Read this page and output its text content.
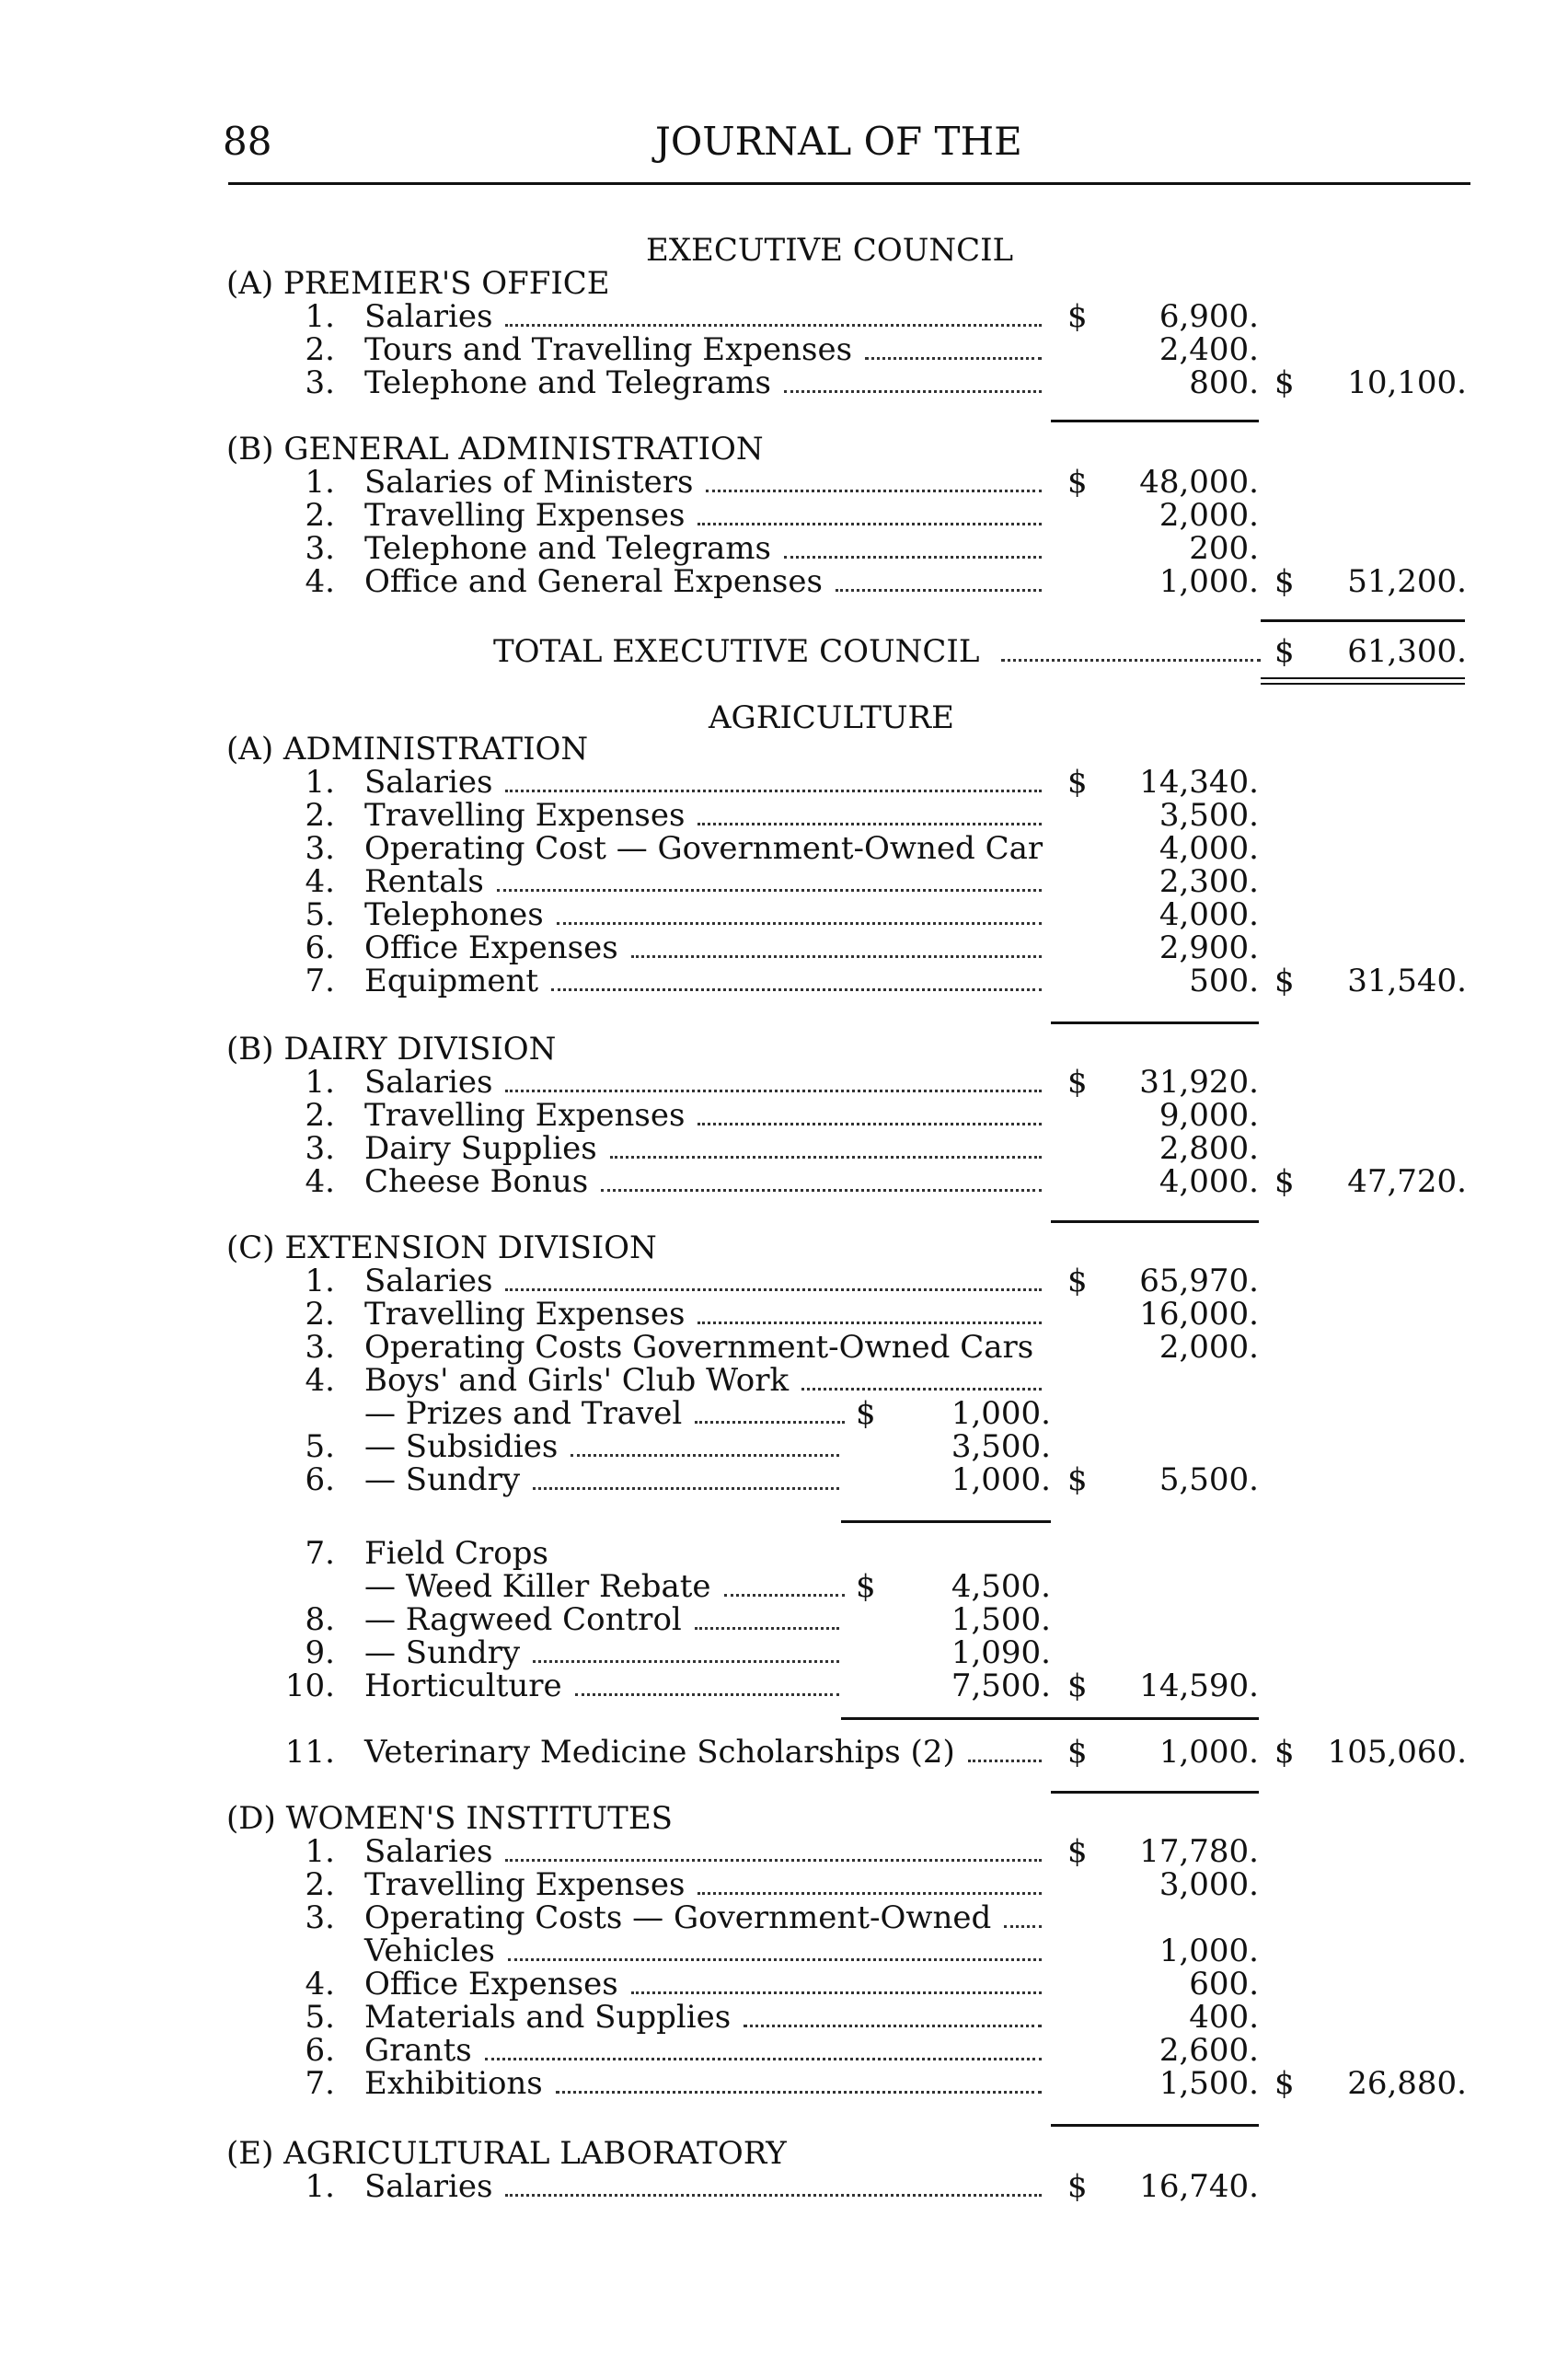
88	JOURNAL OF THE
EXECUTIVE COUNCIL
(A) PREMIER'S OFFICE
1. Salaries	$	6,900.
2. Tours and Travelling Expenses	2,400.
3. Telephone and Telegrams	800. $	10,100.
(B) GENERAL ADMINISTRATION
1. Salaries of Ministers	$	48,000.
2. Travelling Expenses	2,000.
3. Telephone and Telegrams	200.
4. Office and General Expenses	1,000. $	51,200.
TOTAL EXECUTIVE COUNCIL	$	61,300.
AGRICULTURE
(A) ADMINISTRATION
1. Salaries	$	14,340.
2. Travelling Expenses	3,500.
3. Operating Cost — Government-Owned Car	4,000.
4. Rentals	2,300.
5. Telephones	4,000.
6. Office Expenses	2,900.
7. Equipment	500. $	31,540.
(B) DAIRY DIVISION
1. Salaries	$	31,920.
2. Travelling Expenses	9,000.
3. Dairy Supplies	2,800.
4. Cheese Bonus	4,000. $	47,720.
(C) EXTENSION DIVISION
1. Salaries	$	65,970.
2. Travelling Expenses	16,000.
3. Operating Costs Government-Owned Cars	2,000.
4. Boys' and Girls' Club Work
— Prizes and Travel	$	1,000.
5. — Subsidies	3,500.
6. — Sundry	1,000. $	5,500.
7. Field Crops
— Weed Killer Rebate	$	4,500.
8. — Ragweed Control	1,500.
9. — Sundry	1,090.
10. Horticulture	7,500. $	14,590.
11. Veterinary Medicine Scholarships (2)	$	1,000. $	105,060.
(D) WOMEN'S INSTITUTES
1. Salaries	$	17,780.
2. Travelling Expenses	3,000.
3. Operating Costs — Government-Owned
Vehicles	1,000.
4. Office Expenses	600.
5. Materials and Supplies	400.
6. Grants	2,600.
7. Exhibitions	1,500. $	26,880.
(E) AGRICULTURAL LABORATORY
1. Salaries	$	16,740.
